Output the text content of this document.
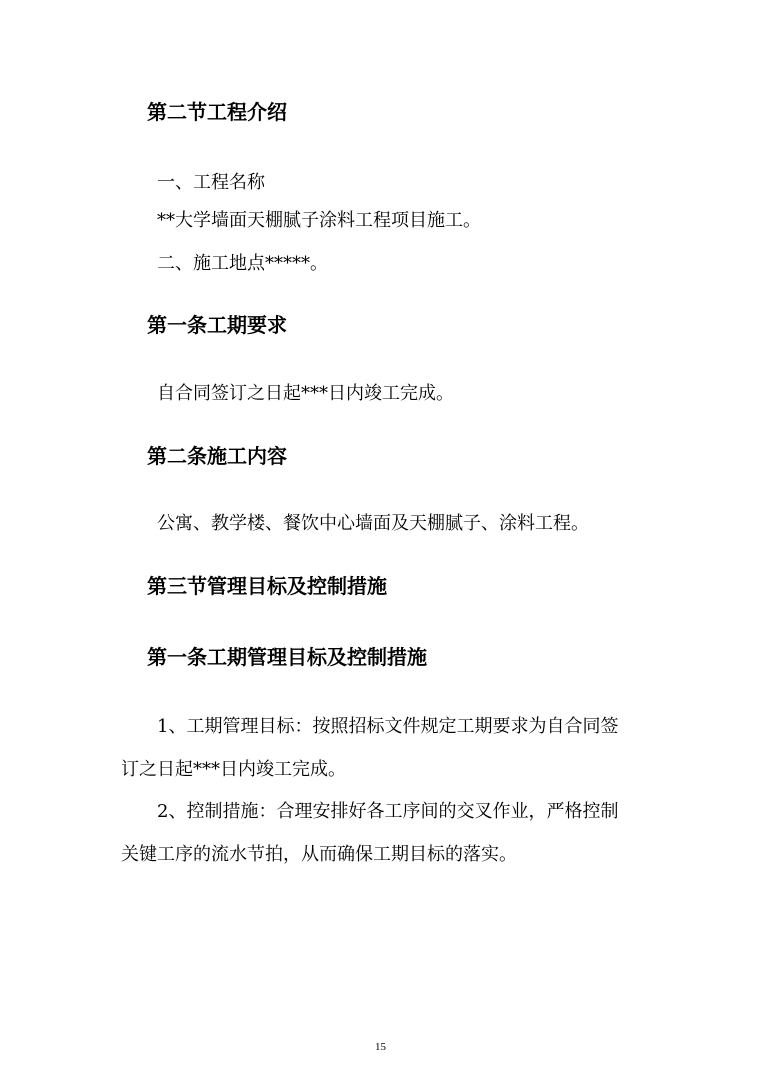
第二节工程介绍
一、工程名称
**大学墙面天棚腻子涂料工程项目施工。
二、施工地点*****。
第一条工期要求
自合同签订之日起***日内竣工完成。
第二条施工内容
公寓、教学楼、餐饮中心墙面及天棚腻子、涂料工程。
第三节管理目标及控制措施
第一条工期管理目标及控制措施
1、工期管理目标：按照招标文件规定工期要求为自合同签
订之日起***日内竣工完成。
2、控制措施：合理安排好各工序间的交叉作业，严格控制
关键工序的流水节拍，从而确保工期目标的落实。
15
